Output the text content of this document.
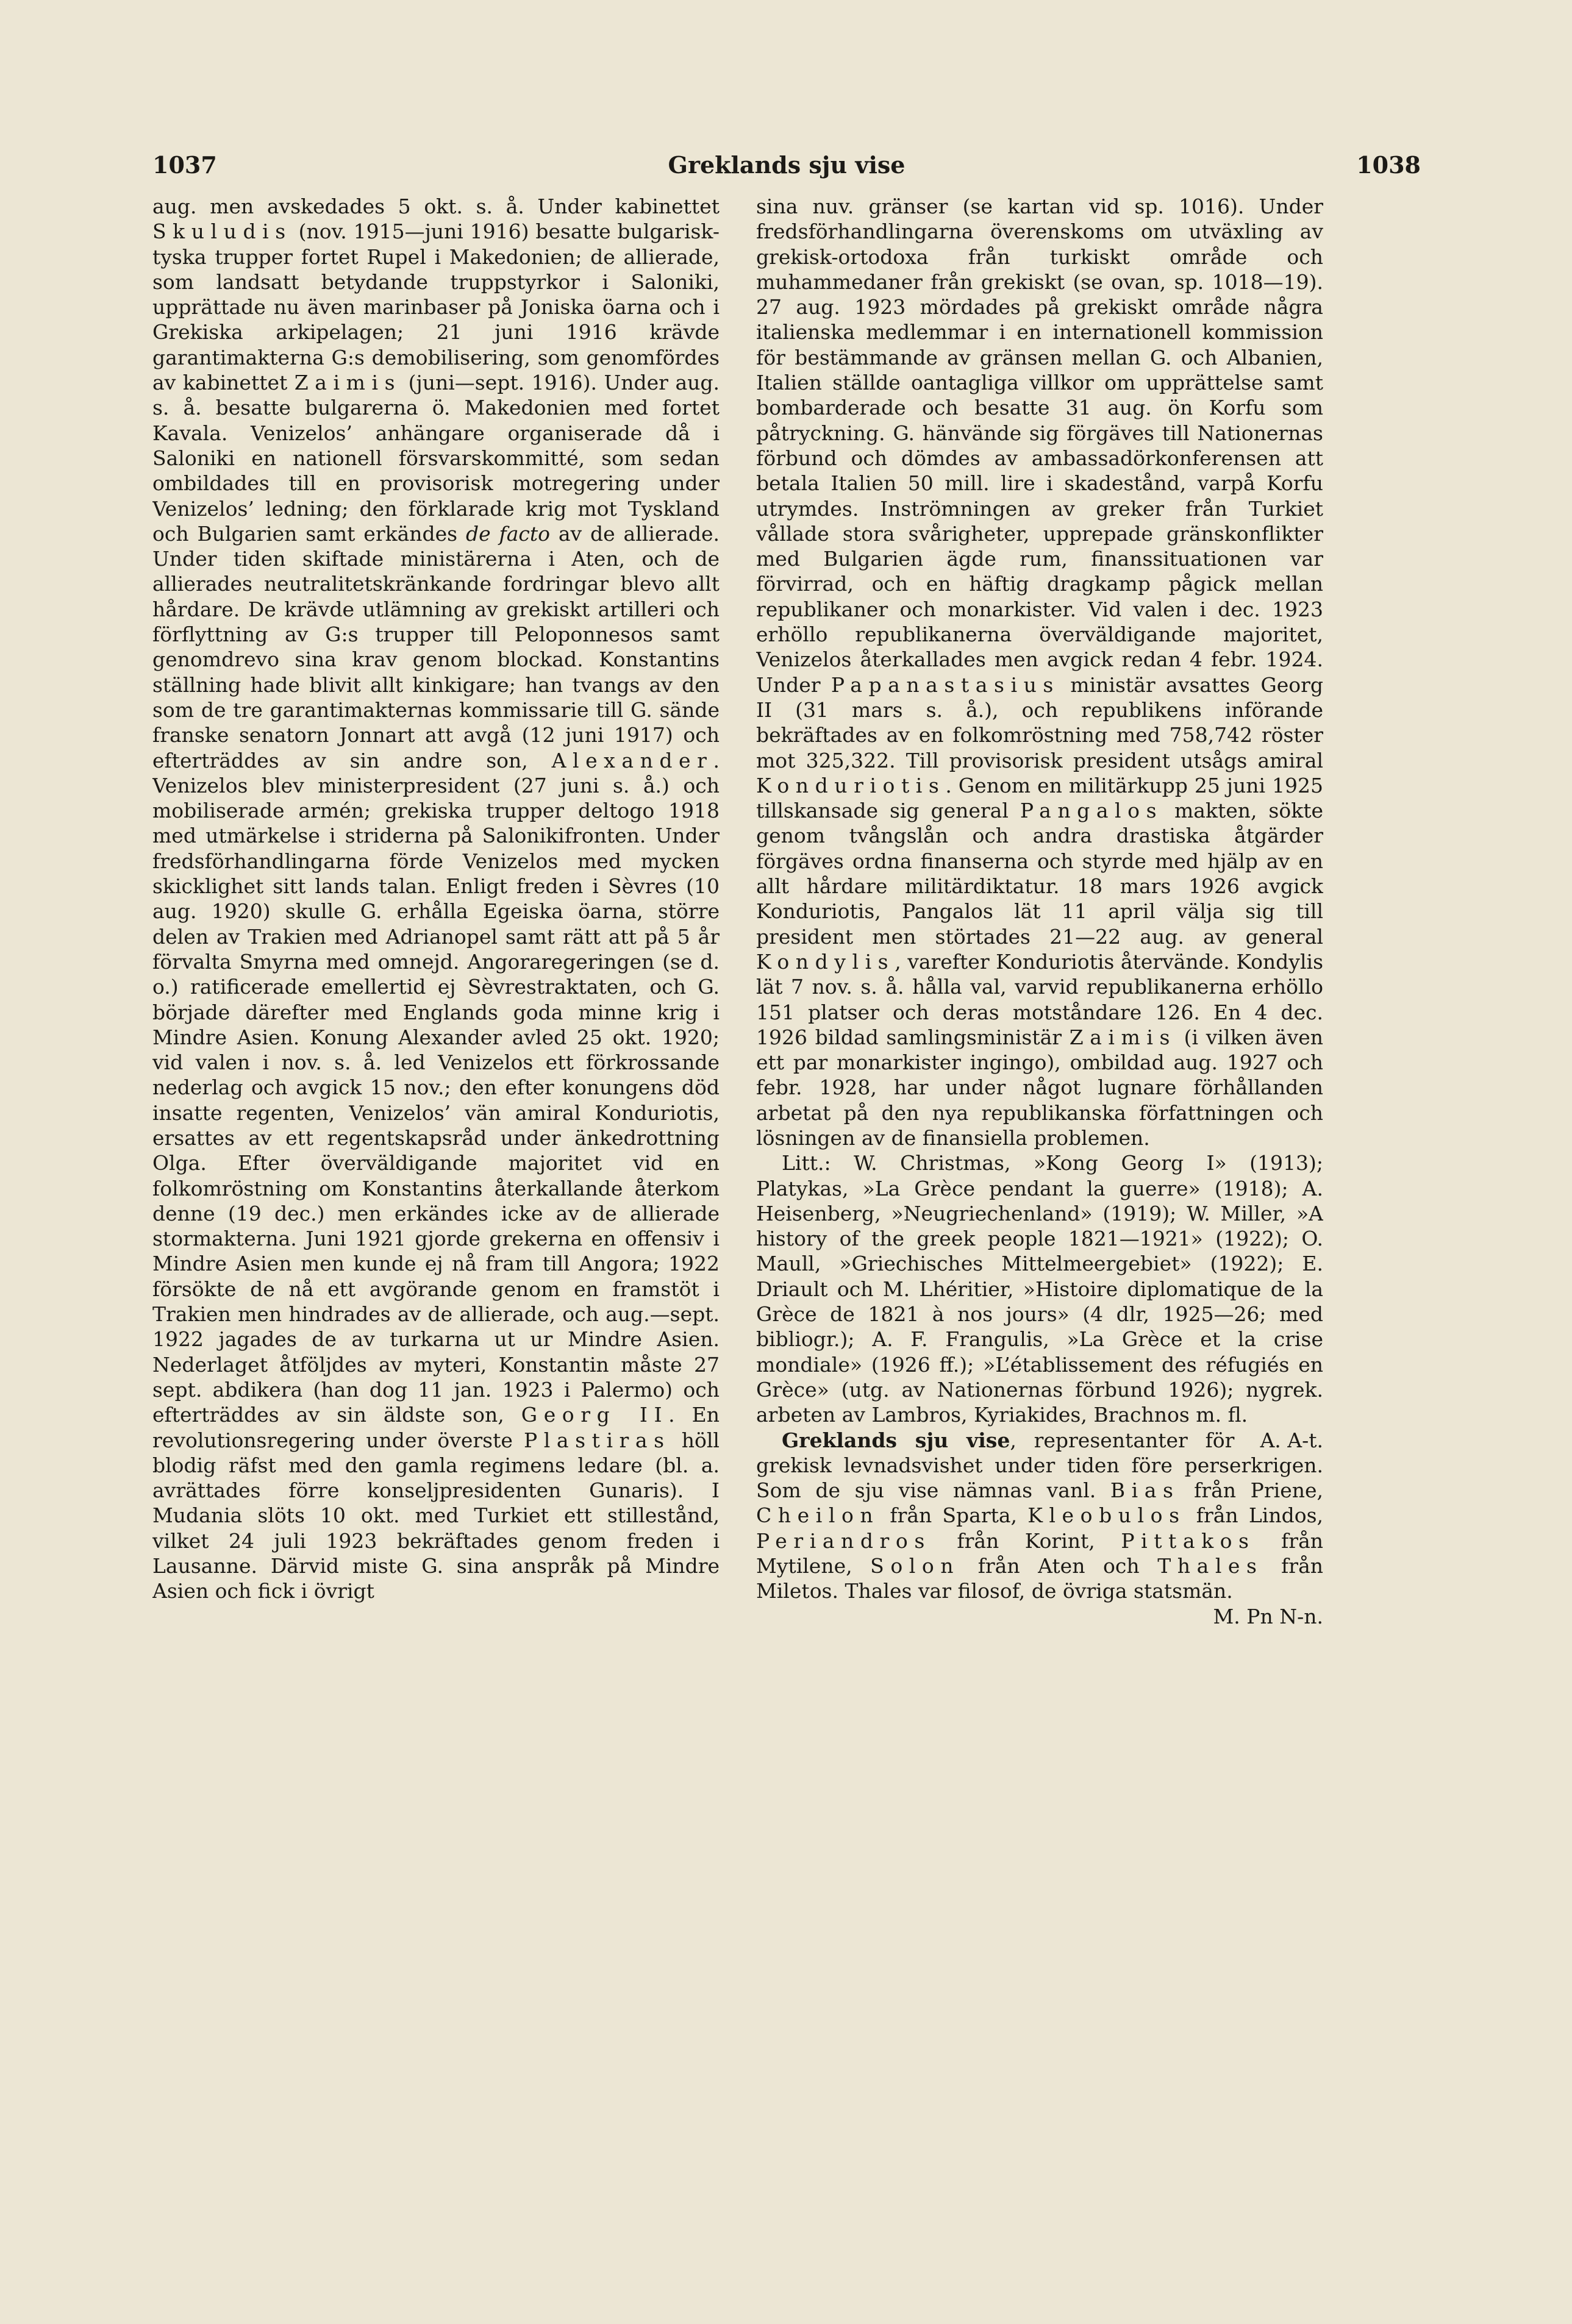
1037	Greklands sju vise	1038

aug. men avskedades 5 okt. s. å. Under kabinettet Skuludis (nov. 1915—juni 1916) besatte bulgarisk-tyska trupper fortet Rupel i Makedonien; de allierade, som landsatt betydande truppstyrkor i Saloniki, upprättade nu även marinbaser på Joniska öarna och i Grekiska arkipelagen; 21 juni 1916 krävde garantimakterna G:s demobilisering, som genomfördes av kabinettet Zaimis (juni—sept. 1916). Under aug. s. å. besatte bulgarerna ö. Makedonien med fortet Kavala. Venizelos’ anhängare organiserade då i Saloniki en nationell försvarskommitté, som sedan ombildades till en provisorisk motregering under Venizelos’ ledning; den förklarade krig mot Tyskland och Bulgarien samt erkändes de facto av de allierade. Under tiden skiftade ministärerna i Aten, och de allierades neutralitetskränkande fordringar blevo allt hårdare. De krävde utlämning av grekiskt artilleri och förflyttning av G:s trupper till Peloponnesos samt genomdrevo sina krav genom blockad. Konstantins ställning hade blivit allt kinkigare; han tvangs av den som de tre garantimakternas kommissarie till G. sände franske senatorn Jonnart att avgå (12 juni 1917) och efterträddes av sin andre son, Alexander. Venizelos blev ministerpresident (27 juni s. å.) och mobiliserade armén; grekiska trupper deltogo 1918 med utmärkelse i striderna på Salonikifronten. Under fredsförhandlingarna förde Venizelos med mycken skicklighet sitt lands talan. Enligt freden i Sèvres (10 aug. 1920) skulle G. erhålla Egeiska öarna, större delen av Trakien med Adrianopel samt rätt att på 5 år förvalta Smyrna med omnejd. Angoraregeringen (se d. o.) ratificerade emellertid ej Sèvrestraktaten, och G. började därefter med Englands goda minne krig i Mindre Asien. Konung Alexander avled 25 okt. 1920; vid valen i nov. s. å. led Venizelos ett förkrossande nederlag och avgick 15 nov.; den efter konungens död insatte regenten, Venizelos’ vän amiral Konduriotis, ersattes av ett regentskapsråd under änkedrottning Olga. Efter överväldigande majoritet vid en folkomröstning om Konstantins återkallande återkom denne (19 dec.) men erkändes icke av de allierade stormakterna. Juni 1921 gjorde grekerna en offensiv i Mindre Asien men kunde ej nå fram till Angora; 1922 försökte de nå ett avgörande genom en framstöt i Trakien men hindrades av de allierade, och aug.—sept. 1922 jagades de av turkarna ut ur Mindre Asien. Nederlaget åtföljdes av myteri, Konstantin måste 27 sept. abdikera (han dog 11 jan. 1923 i Palermo) och efterträddes av sin äldste son, Georg II. En revolutionsregering under överste Plastiras höll blodig räfst med den gamla regimens ledare (bl. a. avrättades förre konseljpresidenten Gunaris). I Mudania slöts 10 okt. med Turkiet ett stillestånd, vilket 24 juli 1923 bekräftades genom freden i Lausanne. Därvid miste G. sina anspråk på Mindre Asien och fick i övrigt

sina nuv. gränser (se kartan vid sp. 1016). Under fredsförhandlingarna överenskoms om utväxling av grekisk-ortodoxa från turkiskt område och muhammedaner från grekiskt (se ovan, sp. 1018—19). 27 aug. 1923 mördades på grekiskt område några italienska medlemmar i en internationell kommission för bestämmande av gränsen mellan G. och Albanien, Italien ställde oantagliga villkor om upprättelse samt bombarderade och besatte 31 aug. ön Korfu som påtryckning. G. hänvände sig förgäves till Nationernas förbund och dömdes av ambassadörkonferensen att betala Italien 50 mill. lire i skadestånd, varpå Korfu utrymdes. Inströmningen av greker från Turkiet vållade stora svårigheter, upprepade gränskonflikter med Bulgarien ägde rum, finanssituationen var förvirrad, och en häftig dragkamp pågick mellan republikaner och monarkister. Vid valen i dec. 1923 erhöllo republikanerna överväldigande majoritet, Venizelos återkallades men avgick redan 4 febr. 1924. Under Papanastasius ministär avsattes Georg II (31 mars s. å.), och republikens införande bekräftades av en folkomröstning med 758,742 röster mot 325,322. Till provisorisk president utsågs amiral Konduriotis. Genom en militärkupp 25 juni 1925 tillskansade sig general Pangalos makten, sökte genom tvångslån och andra drastiska åtgärder förgäves ordna finanserna och styrde med hjälp av en allt hårdare militärdiktatur. 18 mars 1926 avgick Konduriotis, Pangalos lät 11 april välja sig till president men störtades 21—22 aug. av general Kondylis, varefter Konduriotis återvände. Kondylis lät 7 nov. s. å. hålla val, varvid republikanerna erhöllo 151 platser och deras motståndare 126. En 4 dec. 1926 bildad samlingsministär Zaimis (i vilken även ett par monarkister ingingo), ombildad aug. 1927 och febr. 1928, har under något lugnare förhållanden arbetat på den nya republikanska författningen och lösningen av de finansiella problemen.

Litt.: W. Christmas, »Kong Georg I» (1913); Platykas, »La Grèce pendant la guerre» (1918); A. Heisenberg, »Neugriechenland» (1919); W. Miller, »A history of the greek people 1821—1921» (1922); O. Maull, »Griechisches Mittelmeergebiet» (1922); E. Driault och M. Lhéritier, »Histoire diplomatique de la Grèce de 1821 à nos jours» (4 dlr, 1925—26; med bibliogr.); A. F. Frangulis, »La Grèce et la crise mondiale» (1926 ff.); »L’établissement des réfugiés en Grèce» (utg. av Nationernas förbund 1926); nygrek. arbeten av Lambros, Kyriakides, Brachnos m. fl.
A. A-t.

Greklands sju vise, representanter för grekisk levnadsvishet under tiden före perserkrigen. Som de sju vise nämnas vanl. Bias från Priene, Cheilon från Sparta, Kleobulos från Lindos, Periandros från Korint, Pittakos från Mytilene, Solon från Aten och Thales från Miletos. Thales var filosof, de övriga statsmän.
M. Pn N-n.
